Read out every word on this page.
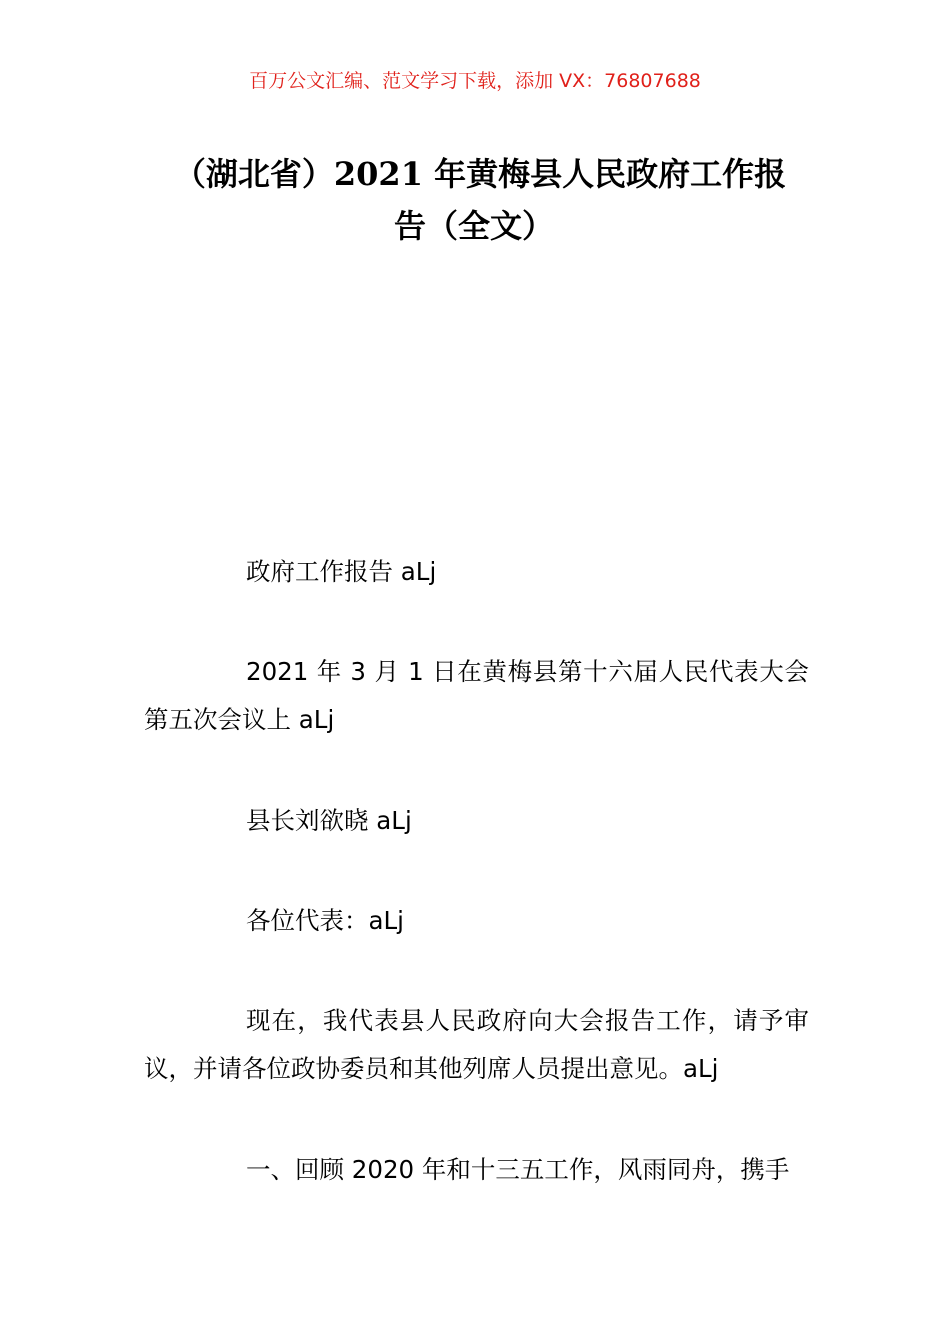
百万公文汇编、范文学习下载，添加 VX：76807688
（湖北省）2021 年黄梅县人民政府工作报
告（全文）

政府工作报告 aLj

2021 年 3 月 1 日在黄梅县第十六届人民代表大会第五次会议上 aLj

县长刘欲晓 aLj

各位代表：aLj

现在，我代表县人民政府向大会报告工作，请予审议，并请各位政协委员和其他列席人员提出意见。aLj

一、回顾 2020 年和十三五工作，风雨同舟，携手
